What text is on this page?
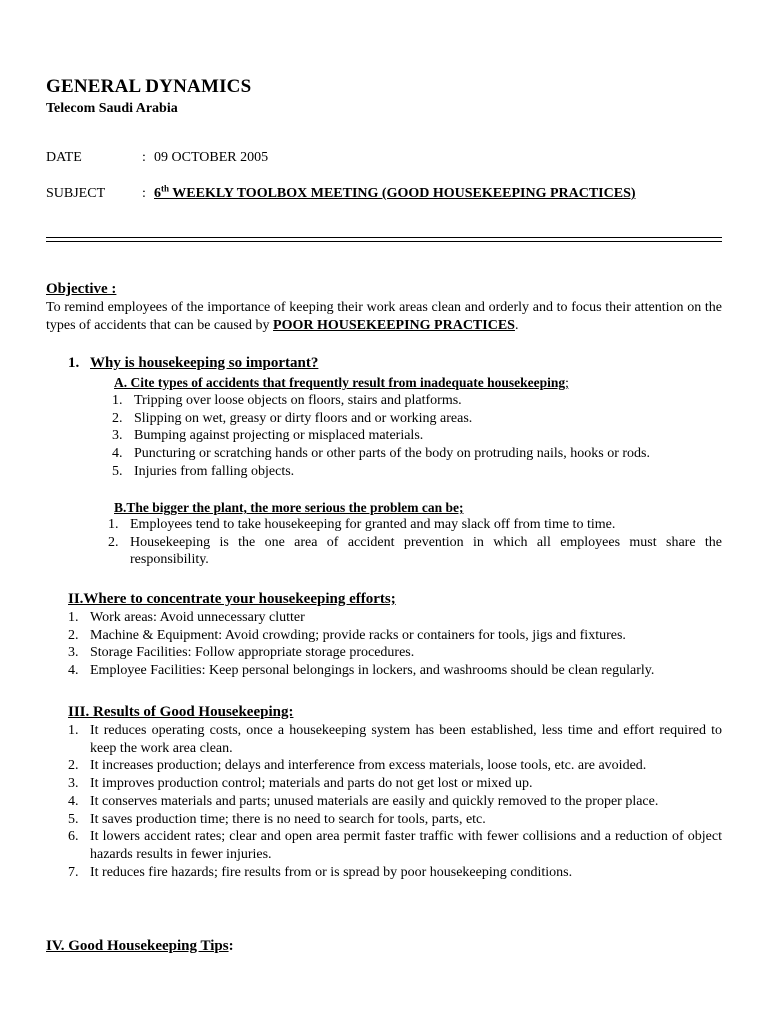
GENERAL DYNAMICS
Telecom Saudi Arabia
DATE	: 09 OCTOBER 2005
SUBJECT	: 6th WEEKLY TOOLBOX MEETING (GOOD HOUSEKEEPING PRACTICES)
Objective :
To remind employees of the importance of keeping their work areas clean and orderly and to focus their attention on the types of accidents that can be caused by POOR HOUSEKEEPING PRACTICES.
1. Why is housekeeping so important?
A. Cite types of accidents that frequently result from inadequate housekeeping;
1. Tripping over loose objects on floors, stairs and platforms.
2. Slipping on wet, greasy or dirty floors and or working areas.
3. Bumping against projecting or misplaced materials.
4. Puncturing or scratching hands or other parts of the body on protruding nails, hooks or rods.
5. Injuries from falling objects.
B.The bigger the plant, the more serious the problem can be;
1. Employees tend to take housekeeping for granted and may slack off from time to time.
2. Housekeeping is the one area of accident prevention in which all employees must share the responsibility.
II.Where to concentrate your housekeeping efforts;
1. Work areas: Avoid unnecessary clutter
2. Machine & Equipment: Avoid crowding; provide racks or containers for tools, jigs and fixtures.
3. Storage Facilities: Follow appropriate storage procedures.
4. Employee Facilities: Keep personal belongings in lockers, and washrooms should be clean regularly.
III. Results of Good Housekeeping:
1. It reduces operating costs, once a housekeeping system has been established, less time and effort required to keep the work area clean.
2. It increases production; delays and interference from excess materials, loose tools, etc. are avoided.
3. It improves production control; materials and parts do not get lost or mixed up.
4. It conserves materials and parts; unused materials are easily and quickly removed to the proper place.
5. It saves production time; there is no need to search for tools, parts, etc.
6. It lowers accident rates; clear and open area permit faster traffic with fewer collisions and a reduction of object hazards results in fewer injuries.
7. It reduces fire hazards; fire results from or is spread by poor housekeeping conditions.
IV. Good Housekeeping Tips:
